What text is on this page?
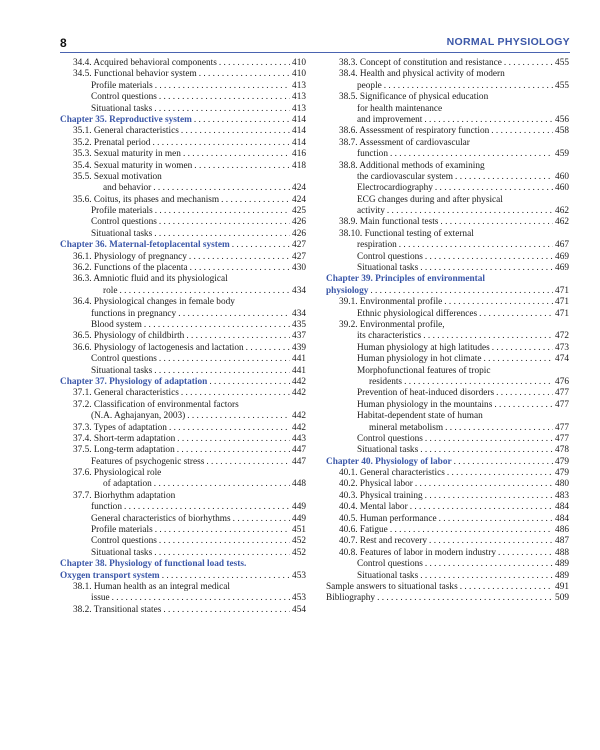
8	NORMAL PHYSIOLOGY
34.4. Acquired behavioral components . . .	410
34.5. Functional behavior system . . .	410
Profile materials . . .	413
Control questions . . .	413
Situational tasks . . .	413
Chapter 35. Reproductive system . . .	414
35.1. General characteristics . . .	414
35.2. Prenatal period . . .	414
35.3. Sexual maturity in men . . .	416
35.4. Sexual maturity in women . . .	418
35.5. Sexual motivation
and behavior . . .	424
35.6. Coitus, its phases and mechanism . . .	424
Profile materials . . .	425
Control questions . . .	426
Situational tasks . . .	426
Chapter 36. Maternal-fetoplacental system . . .	427
36.1. Physiology of pregnancy . . .	427
36.2. Functions of the placenta . . .	430
36.3. Amniotic fluid and its physiological
role . . .	434
36.4. Physiological changes in female body
functions in pregnancy . . .	434
Blood system . . .	435
36.5. Physiology of childbirth . . .	437
36.6. Physiology of lactogenesis and lactation . . .	439
Control questions . . .	441
Situational tasks . . .	441
Chapter 37. Physiology of adaptation . . .	442
37.1. General characteristics . . .	442
37.2. Classification of environmental factors
(N.A. Aghajanyan, 2003) . . .	442
37.3. Types of adaptation . . .	442
37.4. Short-term adaptation . . .	443
37.5. Long-term adaptation . . .	447
Features of psychogenic stress . . .	447
37.6. Physiological role
of adaptation . . .	448
37.7. Biorhythm adaptation
function . . .	449
General characteristics of biorhythms . . .	449
Profile materials . . .	451
Control questions . . .	452
Situational tasks . . .	452
Chapter 38. Physiology of functional load tests.
Oxygen transport system . . .	453
38.1. Human health as an integral medical
issue . . .	453
38.2. Transitional states . . .	454
38.3. Concept of constitution and resistance . . .	455
38.4. Health and physical activity of modern
people . . .	455
38.5. Significance of physical education
for health maintenance
and improvement . . .	456
38.6. Assessment of respiratory function . . .	458
38.7. Assessment of cardiovascular
function . . .	459
38.8. Additional methods of examining
the cardiovascular system . . .	460
Electrocardiography . . .	460
ECG changes during and after physical
activity . . .	462
38.9. Main functional tests . . .	462
38.10. Functional testing of external
respiration . . .	467
Control questions . . .	469
Situational tasks . . .	469
Chapter 39. Principles of environmental
physiology . . .	471
39.1. Environmental profile . . .	471
Ethnic physiological differences . . .	471
39.2. Environmental profile,
its characteristics . . .	472
Human physiology at high latitudes . . .	473
Human physiology in hot climate . . .	474
Morphofunctional features of tropic
residents . . .	476
Prevention of heat-induced disorders . . .	477
Human physiology in the mountains . . .	477
Habitat-dependent state of human
mineral metabolism . . .	477
Control questions . . .	477
Situational tasks . . .	478
Chapter 40. Physiology of labor . . .	479
40.1. General characteristics . . .	479
40.2. Physical labor . . .	480
40.3. Physical training . . .	483
40.4. Mental labor . . .	484
40.5. Human performance . . .	484
40.6. Fatigue . . .	486
40.7. Rest and recovery . . .	487
40.8. Features of labor in modern industry . . .	488
Control questions . . .	489
Situational tasks . . .	489
Sample answers to situational tasks . . .	491
Bibliography . . .	509
